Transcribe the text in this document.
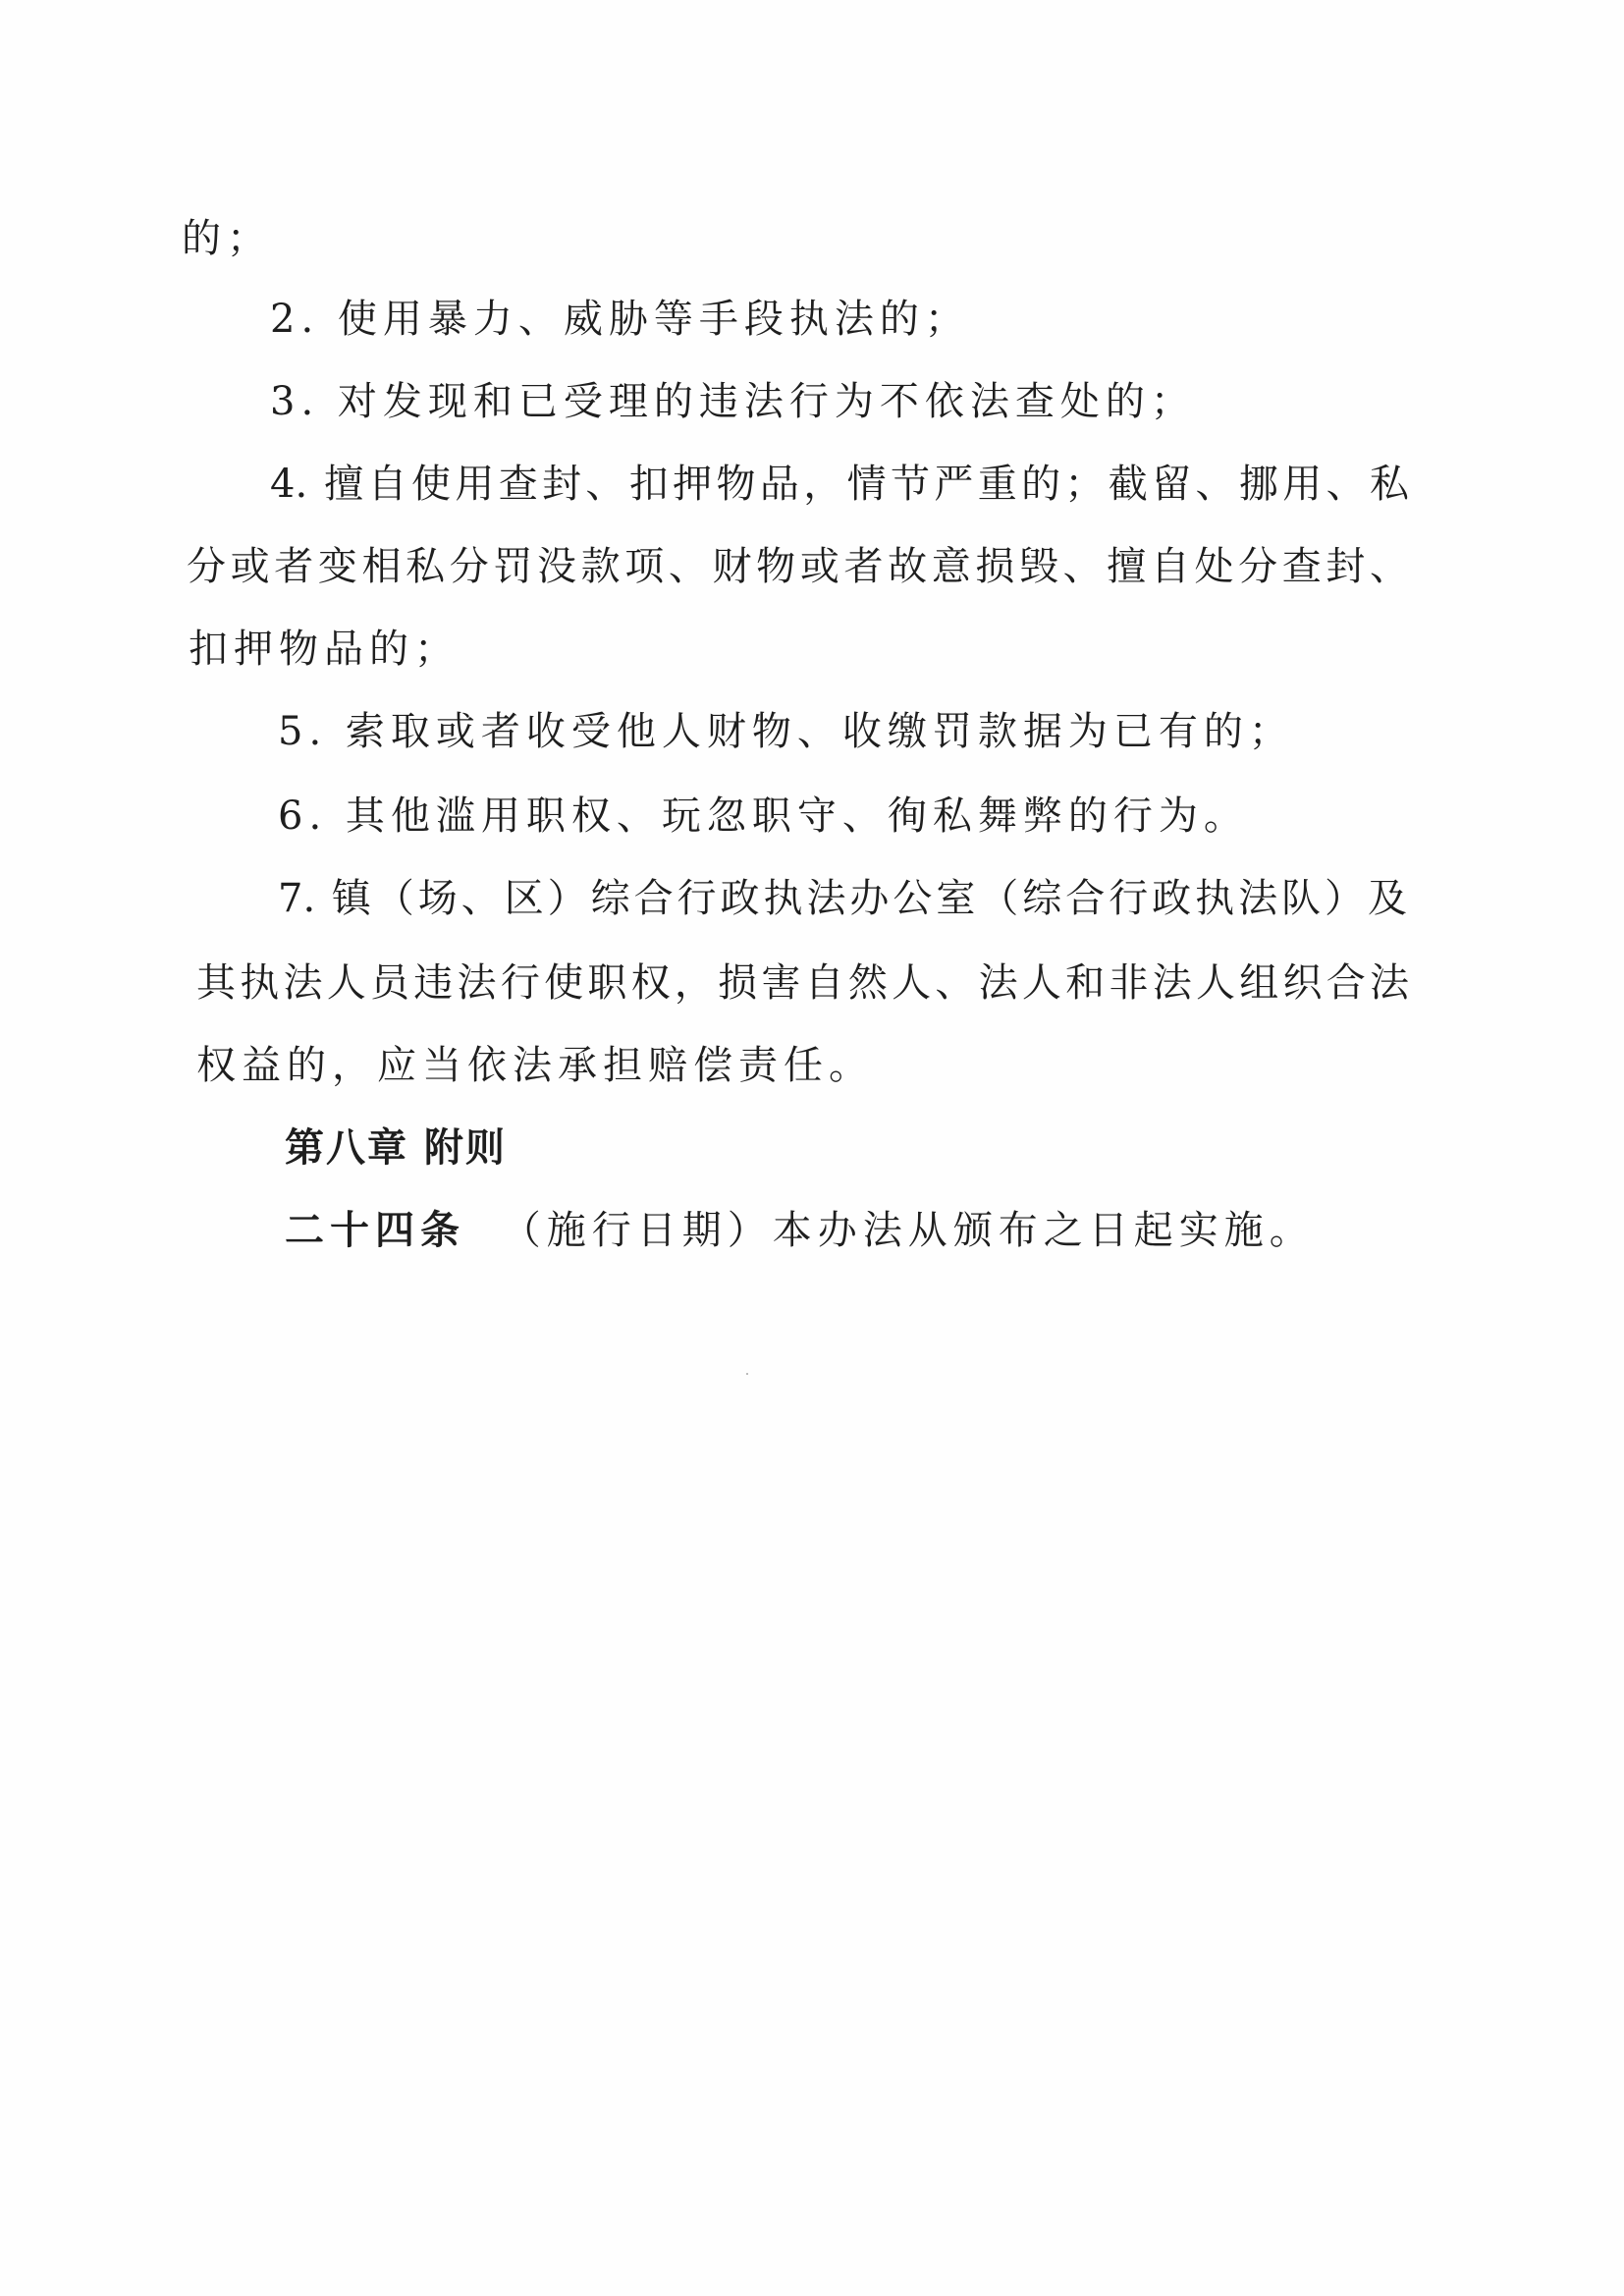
的；
2. 使用暴力、威胁等手段执法的；
3. 对发现和已受理的违法行为不依法查处的；
4. 擅自使用查封、扣押物品，情节严重的；截留、挪用、私
分或者变相私分罚没款项、财物或者故意损毁、擅自处分查封、
扣押物品的；
5. 索取或者收受他人财物、收缴罚款据为已有的；
6. 其他滥用职权、玩忽职守、徇私舞弊的行为。
7. 镇（场、区）综合行政执法办公室（综合行政执法队）及
其执法人员违法行使职权，损害自然人、法人和非法人组织合法
权益的，应当依法承担赔偿责任。
第八章 附则
二十四条 （施行日期）本办法从颁布之日起实施。
